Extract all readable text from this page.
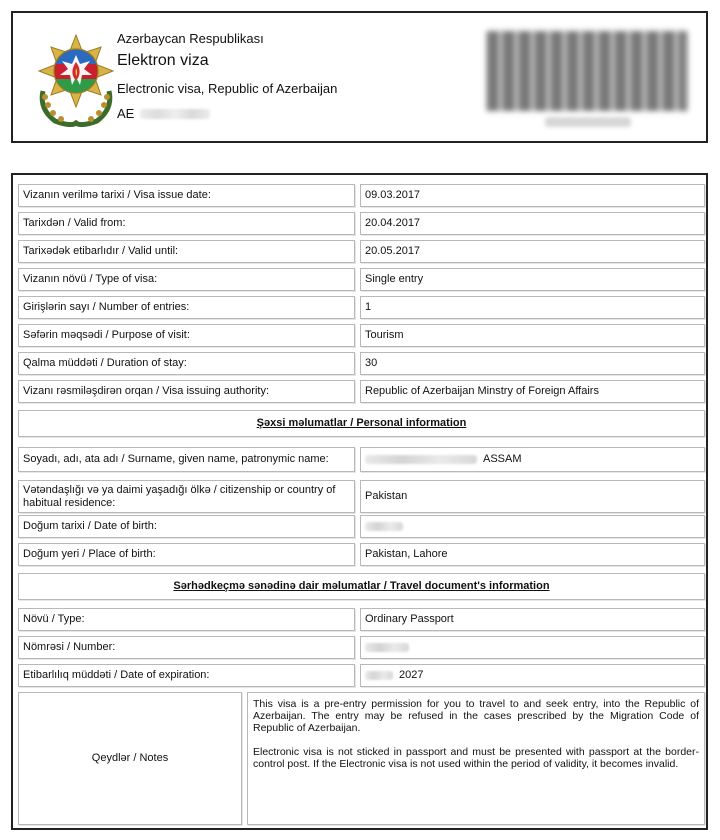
Azərbaycan Respublikası
Elektron viza
Electronic visa, Republic of Azerbaijan
AE
Vizanın verilmə tarixi / Visa issue date:	09.03.2017
Tarixdən / Valid from:	20.04.2017
Tarixədək etibarlıdır / Valid until:	20.05.2017
Vizanın növü / Type of visa:	Single entry
Girişlərin sayı / Number of entries:	1
Səfərin məqsədi / Purpose of visit:	Tourism
Qalma müddəti / Duration of stay:	30
Vizanı rəsmiləşdirən orqan / Visa issuing authority:	Republic of Azerbaijan Minstry of Foreign Affairs
Şəxsi məlumatlar / Personal information
Soyadı, adı, ata adı / Surname, given name, patronymic name:	ASSAM
Vətəndaşlığı və ya daimi yaşadığı ölkə / citizenship or country of habitual residence:
Pakistan
Doğum tarixi / Date of birth:
Doğum yeri / Place of birth:	Pakistan, Lahore
Sərhədkeçmə sənədinə dair məlumatlar / Travel document's information
Növü / Type:	Ordinary Passport
Nömrəsi / Number:
Etibarlılıq müddəti / Date of expiration:	2027
Qeydlər / Notes

This visa is a pre-entry permission for you to travel to and seek entry, into the Republic of Azerbaijan. The entry may be refused in the cases prescribed by the Migration Code of Republic of Azerbaijan.

Electronic visa is not sticked in passport and must be presented with passport at the border-control post. If the Electronic visa is not used within the period of validity, it becomes invalid.
